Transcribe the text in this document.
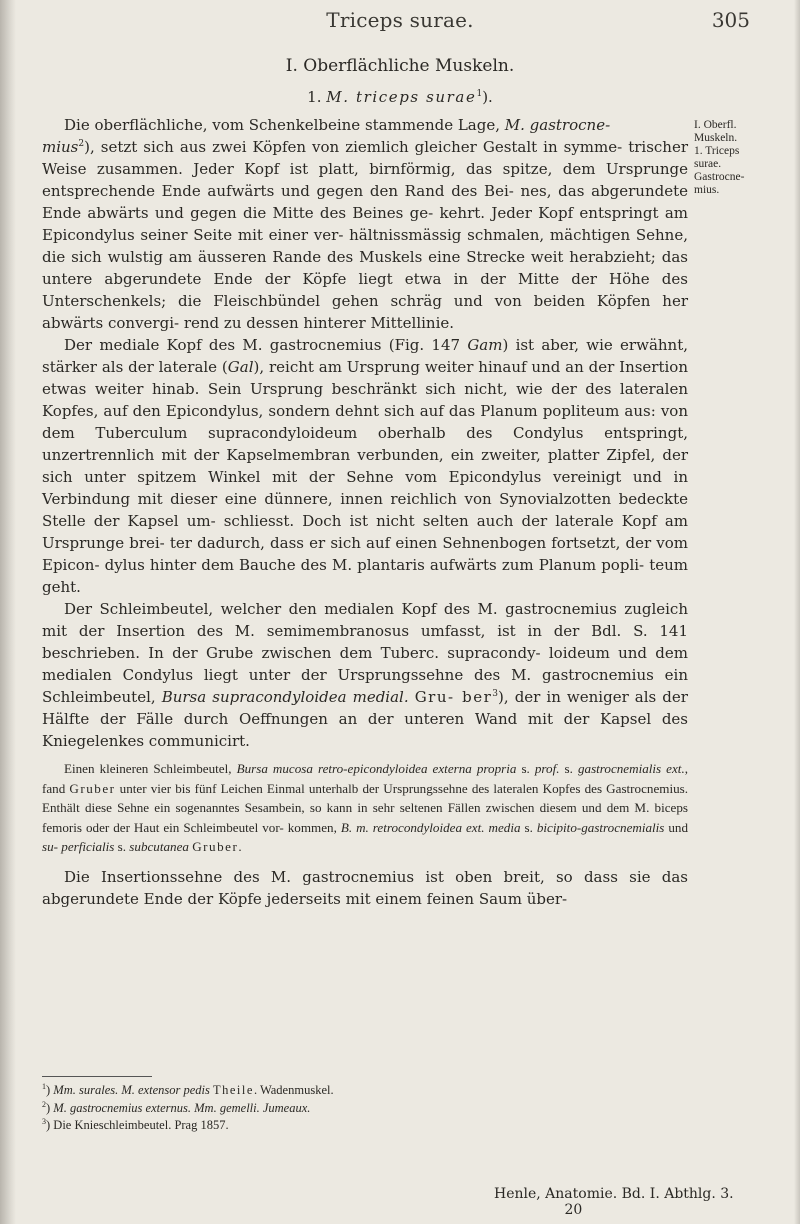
Triceps surae.	305
I. Oberflächliche Muskeln.
1. M. triceps surae$^1$).
I. Oberfl.
Muskeln.
1. Triceps
surae.
Gastrocne-
mius.

Die oberflächliche, vom Schenkelbeine stammende Lage, M. gastrocne-
mius$^2$), setzt sich aus zwei Köpfen von ziemlich gleicher Gestalt in symme- trischer Weise zusammen. Jeder Kopf ist platt, birnförmig, das spitze, dem Ursprunge entsprechende Ende aufwärts und gegen den Rand des Bei- nes, das abgerundete Ende abwärts und gegen die Mitte des Beines ge- kehrt. Jeder Kopf entspringt am Epicondylus seiner Seite mit einer ver- hältnissmässig schmalen, mächtigen Sehne, die sich wulstig am äusseren Rande des Muskels eine Strecke weit herabzieht; das untere abgerundete Ende der Köpfe liegt etwa in der Mitte der Höhe des Unterschenkels; die Fleischbündel gehen schräg und von beiden Köpfen her abwärts convergi- rend zu dessen hinterer Mittellinie.

Der mediale Kopf des M. gastrocnemius (Fig. 147 Gam) ist aber, wie erwähnt, stärker als der laterale (Gal), reicht am Ursprung weiter hinauf und an der Insertion etwas weiter hinab. Sein Ursprung beschränkt sich nicht, wie der des lateralen Kopfes, auf den Epicondylus, sondern dehnt sich auf das Planum popliteum aus: von dem Tuberculum supracondyloideum oberhalb des Condylus entspringt, unzertrennlich mit der Kapselmembran verbunden, ein zweiter, platter Zipfel, der sich unter spitzem Winkel mit der Sehne vom Epicondylus vereinigt und in Verbindung mit dieser eine dünnere, innen reichlich von Synovialzotten bedeckte Stelle der Kapsel um- schliesst. Doch ist nicht selten auch der laterale Kopf am Ursprunge brei- ter dadurch, dass er sich auf einen Sehnenbogen fortsetzt, der vom Epicon- dylus hinter dem Bauche des M. plantaris aufwärts zum Planum popli- teum geht.

Der Schleimbeutel, welcher den medialen Kopf des M. gastrocnemius zugleich mit der Insertion des M. semimembranosus umfasst, ist in der Bdl. S. 141 beschrieben. In der Grube zwischen dem Tuberc. supracondy- loideum und dem medialen Condylus liegt unter der Ursprungssehne des M. gastrocnemius ein Schleimbeutel, Bursa supracondyloidea medial. Gru- ber$^3$), der in weniger als der Hälfte der Fälle durch Oeffnungen an der unteren Wand mit der Kapsel des Kniegelenkes communicirt.

Einen kleineren Schleimbeutel, Bursa mucosa retro-epicondyloidea externa propria s. prof. s. gastrocnemialis ext., fand Gruber unter vier bis fünf Leichen Einmal unterhalb der Ursprungssehne des lateralen Kopfes des Gastrocnemius. Enthält diese Sehne ein sogenanntes Sesambein, so kann in sehr seltenen Fällen zwischen diesem und dem M. biceps femoris oder der Haut ein Schleimbeutel vor- kommen, B. m. retrocondyloidea ext. media s. bicipito-gastrocnemialis und su- perficialis s. subcutanea Gruber.

Die Insertionssehne des M. gastrocnemius ist oben breit, so dass sie das abgerundete Ende der Köpfe jederseits mit einem feinen Saum über-

$^1$) Mm. surales. M. extensor pedis Theile. Wadenmuskel.
$^2$) M. gastrocnemius externus. Mm. gemelli. Jumeaux.
$^3$) Die Knieschleimbeutel. Prag 1857.
Henle, Anatomie. Bd. I. Abthlg. 3.  20
